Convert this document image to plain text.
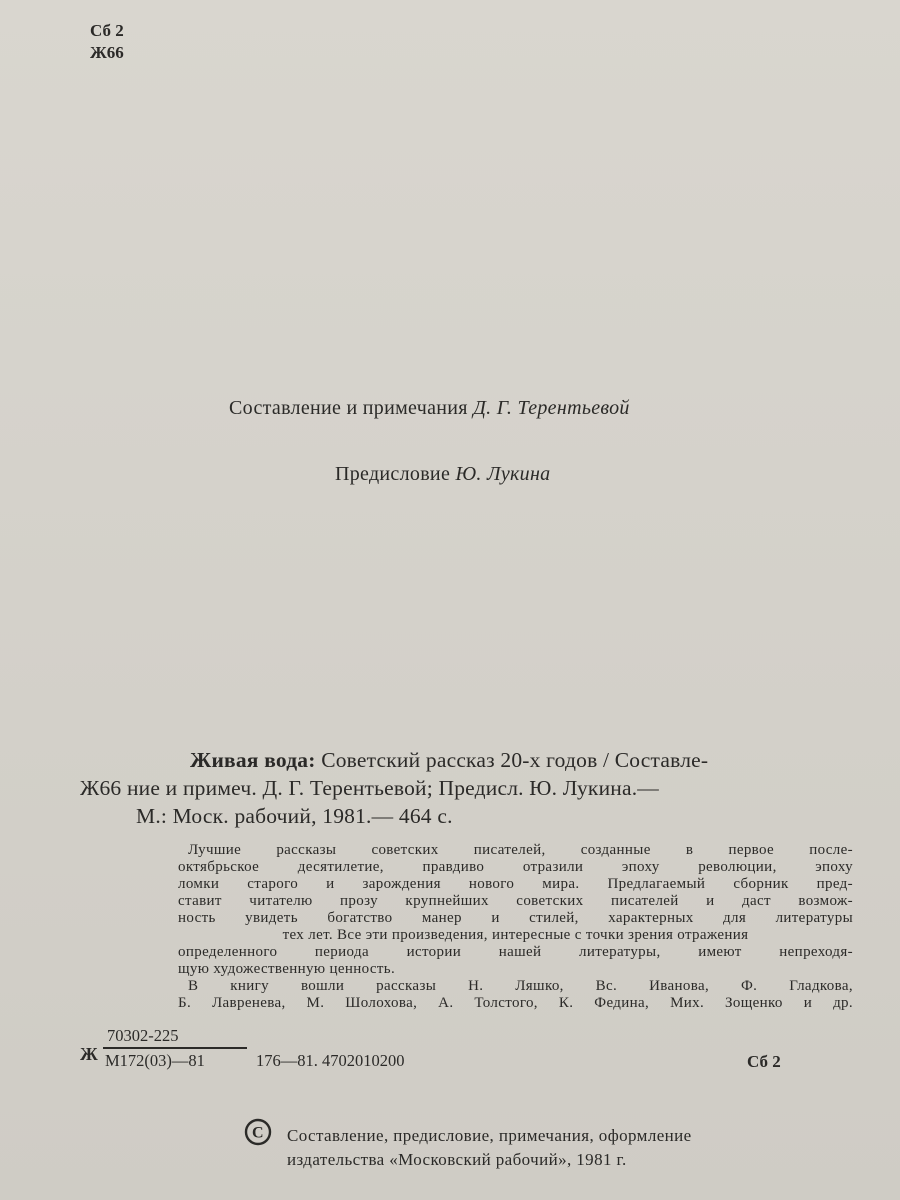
Сб 2
Ж66
Составление и примечания Д. Г. Терентьевой
Предисловие Ю. Лукина
Живая вода: Советский рассказ 20-х годов / Составле-
Ж66 ние и примеч. Д. Г. Терентьевой; Предисл. Ю. Лукина.—
М.: Моск. рабочий, 1981.— 464 с.
Лучшие рассказы советских писателей, созданные в первое после-
октябрьское десятилетие, правдиво отразили эпоху революции, эпоху
ломки старого и зарождения нового мира. Предлагаемый сборник пред-
ставит читателю прозу крупнейших советских писателей и даст возмож-
ность увидеть богатство манер и стилей, характерных для литературы
тех лет. Все эти произведения, интересные с точки зрения отражения
определенного периода истории нашей литературы, имеют непреходя-
щую художественную ценность.
В книгу вошли рассказы Н. Ляшко, Вс. Иванова, Ф. Гладкова,
Б. Лавренева, М. Шолохова, А. Толстого, К. Федина, Мих. Зощенко и др.
Ж
70302-225
М172(03)—81	176—81. 4702010200	Сб 2
C Составление, предисловие, примечания, оформление
издательства «Московский рабочий», 1981 г.
